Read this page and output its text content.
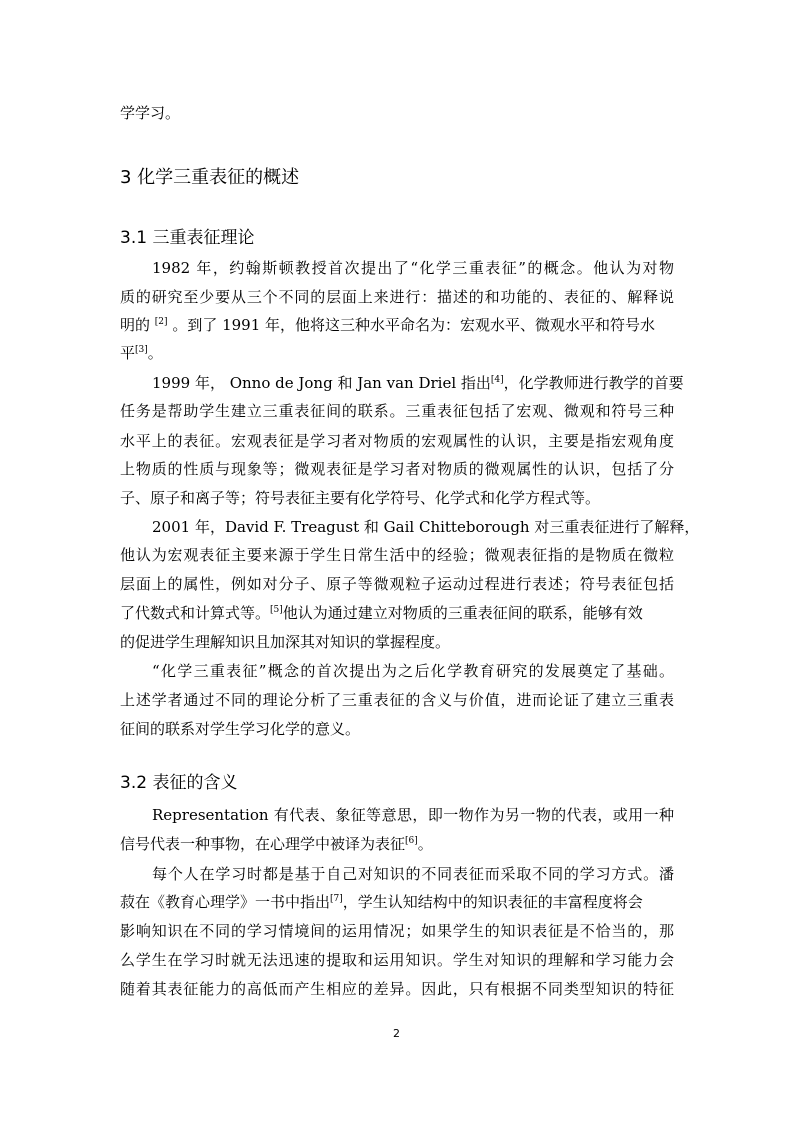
学学习。
3 化学三重表征的概述
3.1 三重表征理论
1982 年，约翰斯顿教授首次提出了“化学三重表征”的概念。他认为对物
质的研究至少要从三个不同的层面上来进行：描述的和功能的、表征的、解释说
明的 [2] 。到了 1991 年，他将这三种水平命名为：宏观水平、微观水平和符号水
平[3]。
1999 年， Onno de Jong 和 Jan van Driel 指出[4]，化学教师进行教学的首要
任务是帮助学生建立三重表征间的联系。三重表征包括了宏观、微观和符号三种
水平上的表征。宏观表征是学习者对物质的宏观属性的认识，主要是指宏观角度
上物质的性质与现象等；微观表征是学习者对物质的微观属性的认识，包括了分
子、原子和离子等；符号表征主要有化学符号、化学式和化学方程式等。
2001 年，David F. Treagust 和 Gail Chitteborough 对三重表征进行了解释，
他认为宏观表征主要来源于学生日常生活中的经验；微观表征指的是物质在微粒
层面上的属性，例如对分子、原子等微观粒子运动过程进行表述；符号表征包括
了代数式和计算式等。[5]他认为通过建立对物质的三重表征间的联系，能够有效
的促进学生理解知识且加深其对知识的掌握程度。
“化学三重表征”概念的首次提出为之后化学教育研究的发展奠定了基础。
上述学者通过不同的理论分析了三重表征的含义与价值，进而论证了建立三重表
征间的联系对学生学习化学的意义。
3.2 表征的含义
Representation 有代表、象征等意思，即一物作为另一物的代表，或用一种
信号代表一种事物，在心理学中被译为表征[6]。
每个人在学习时都是基于自己对知识的不同表征而采取不同的学习方式。潘
菽在《教育心理学》一书中指出[7]，学生认知结构中的知识表征的丰富程度将会
影响知识在不同的学习情境间的运用情况；如果学生的知识表征是不恰当的，那
么学生在学习时就无法迅速的提取和运用知识。学生对知识的理解和学习能力会
随着其表征能力的高低而产生相应的差异。因此，只有根据不同类型知识的特征
2
